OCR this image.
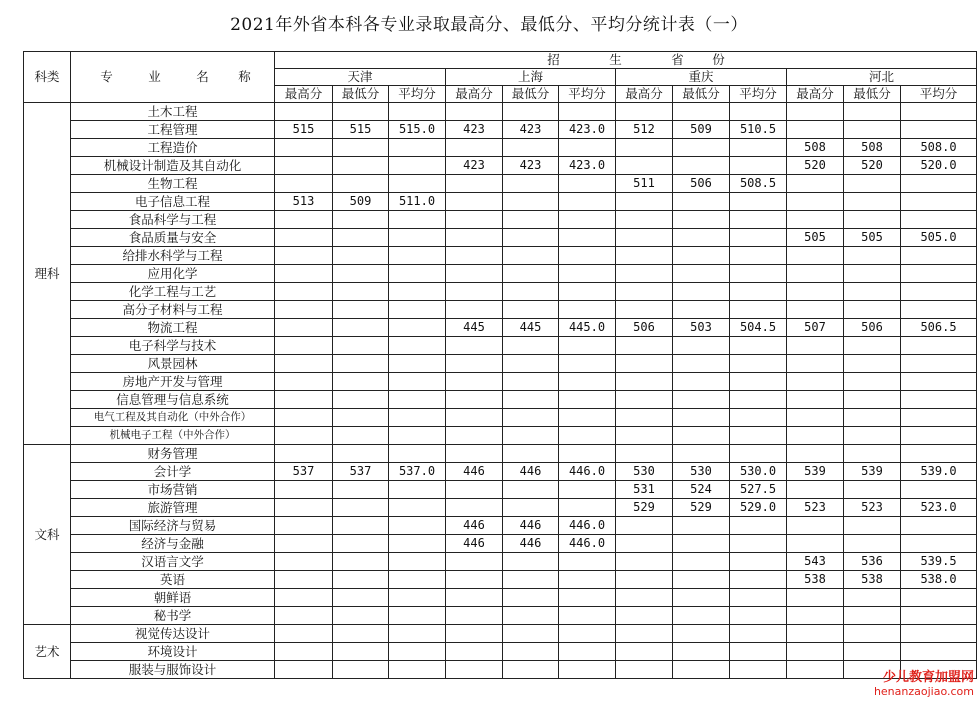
2021年外省本科各专业录取最高分、最低分、平均分统计表（一）
科类	专 业 名 称	招 生 省 份											
		天津			上海			重庆			河北		
		最高分	最低分	平均分	最高分	最低分	平均分	最高分	最低分	平均分	最高分	最低分	平均分
理科	土木工程												
	工程管理	515	515	515.0	423	423	423.0	512	509	510.5			
	工程造价										508	508	508.0
	机械设计制造及其自动化				423	423	423.0				520	520	520.0
	生物工程							511	506	508.5			
	电子信息工程	513	509	511.0									
	食品科学与工程												
	食品质量与安全										505	505	505.0
	给排水科学与工程												
	应用化学												
	化学工程与工艺												
	高分子材料与工程												
	物流工程				445	445	445.0	506	503	504.5	507	506	506.5
	电子科学与技术												
	风景园林												
	房地产开发与管理												
	信息管理与信息系统												
	电气工程及其自动化（中外合作）												
	机械电子工程（中外合作）												
文科	财务管理												
	会计学	537	537	537.0	446	446	446.0	530	530	530.0	539	539	539.0
	市场营销							531	524	527.5			
	旅游管理							529	529	529.0	523	523	523.0
	国际经济与贸易				446	446	446.0						
	经济与金融				446	446	446.0						
	汉语言文学										543	536	539.5
	英语										538	538	538.0
	朝鲜语												
	秘书学												
艺术	视觉传达设计												
	环境设计												
	服装与服饰设计												
少儿教育加盟网
henanzaojiao.com
